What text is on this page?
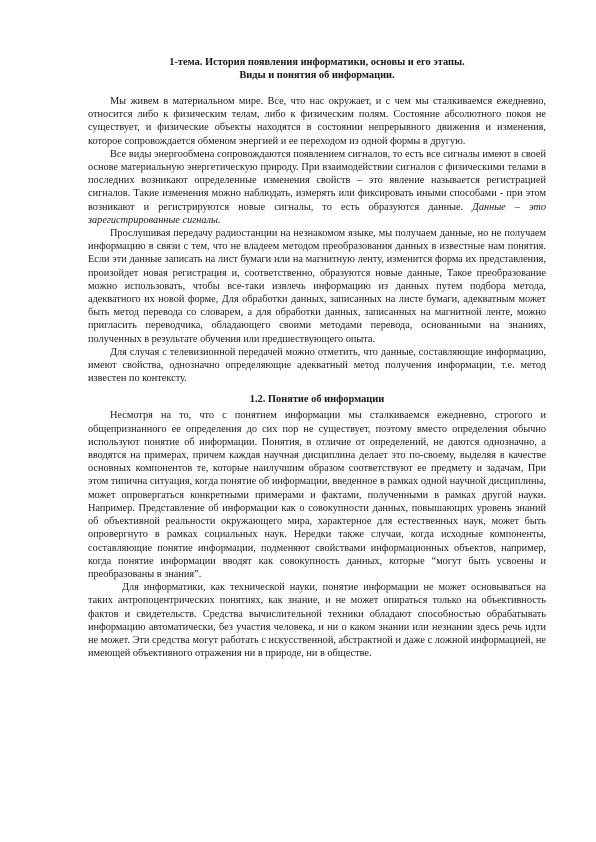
1-тема. История появления информатики, основы и его этапы.
Виды и понятия об информации.

Мы живем в материальном мире. Все, что нас окружает, и с чем мы сталкиваемся ежедневно, относится либо к физическим телам, либо к физическим полям. Состояние абсолютного покоя не существует, и физические объекты находятся в состоянии непрерывного движения и изменения, которое сопровождается обменом энергией и ее переходом из одной формы в другую.

Все виды энергообмена сопровождаются появлением сигналов, то есть все сигналы имеют в своей основе материальную энергетическую природу. При взаимодействии сигналов с физическими телами в последних возникают определенные изменения свойств – это явление называется регистрацией сигналов. Такие изменения можно наблюдать, измерять или фиксировать иными способами - при этом возникают и регистрируются новые сигналы, то есть образуются данные. Данные – это зарегистрированные сигналы.

Прослушивая передачу радиостанции на незнакомом языке, мы получаем данные, но не получаем информацию в связи с тем, что не владеем методом преобразования данных в известные нам понятия. Если эти данные записать на лист бумаги или на магнитную ленту, изменится форма их представления, произойдет новая регистрация и, соответственно, образуются новые данные, Такое преобразование можно использовать, чтобы все-таки извлечь информацию из данных путем подбора метода, адекватного их новой форме, Для обработки данных, записанных на листе бумаги, адекватным может быть метод перевода со словарем, а для обработки данных, записанных на магнитной ленте, можно пригласить переводчика, обладающего своими методами перевода, основанными на знаниях, полученных в результате обучения или предшествующего опыта.

Для случая с телевизионной передачей можно отметить, что данные, составляющие информацию, имеют свойства, однозначно определяющие адекватный метод получения информации, т.е. метод известен по контексту.

1.2. Понятие об информации

Несмотря на то, что с понятием информации мы сталкиваемся ежедневно, строгого и общепризнанного ее определения до сих пор не существует, поэтому вместо определения обычно используют понятие об информации. Понятия, в отличие от определений, не даются однозначно, а вводятся на примерах, причем каждая научная дисциплина делает это по-своему, выделяя в качестве основных компонентов те, которые наилучшим образом соответствуют ее предмету и задачам, При этом типична ситуация, когда понятие об информации, введенное в рамках одной научной дисциплины, может опровергаться конкретными примерами и фактами, полученными в рамках другой науки. Например. Представление об информации как о совокупности данных, повышающих уровень знаний об объективной реальности окружающего мира, характерное для естественных наук, может быть опровергнуто в рамках социальных наук. Нередки также случаи, когда исходные компоненты, составляющие понятие информации, подменяют свойствами информационных объектов, например, когда понятие информации вводят как совокупность данных, которые “могут быть усвоены и преобразованы в знания”.

Для информатики, как технической науки, понятие информации не может основываться на таких антропоцентрических понятиях, как знание, и не может опираться только на объективность фактов и свидетельств. Средства вычислительной техники обладают способностью обрабатывать информацию автоматически, без участия человека, и ни о каком знании или незнании здесь речь идти не может. Эти средства могут работать с искусственной, абстрактной и даже с ложной информацией, не имеющей объективного отражения ни в природе, ни в обществе.
